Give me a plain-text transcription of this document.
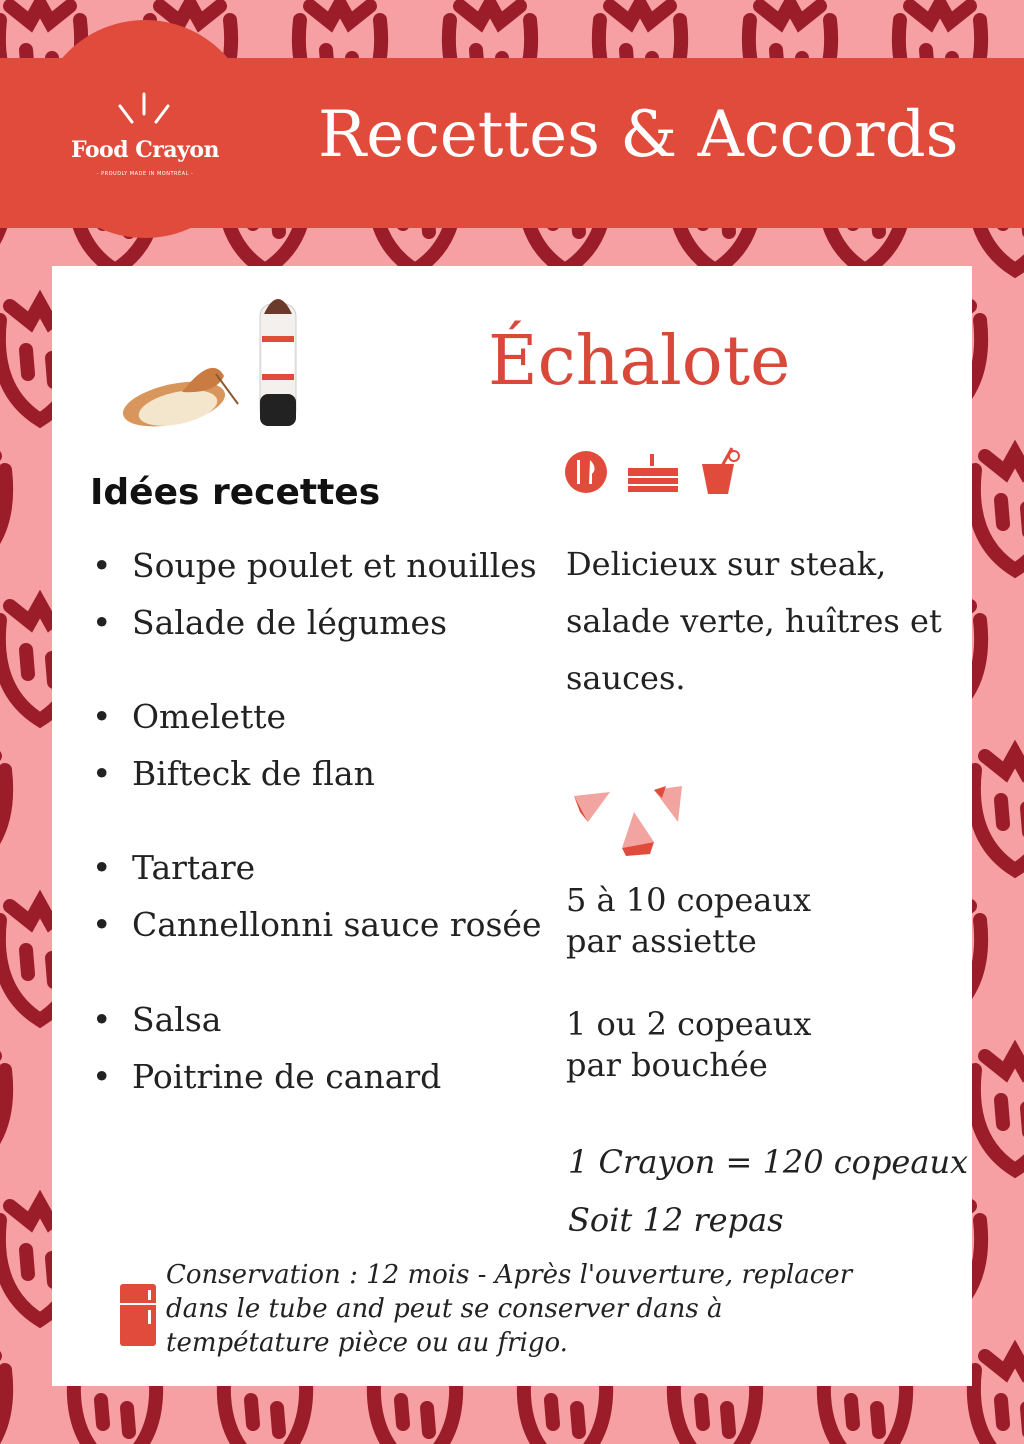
Food Crayon
- PROUDLY MADE IN MONTRÉAL -
Recettes & Accords
Échalote
Idées recettes
• Soupe poulet et nouilles
• Salade de légumes
• Omelette
• Bifteck de flan
• Tartare
• Cannellonni sauce rosée
• Salsa
• Poitrine de canard
Delicieux sur steak, salade verte, huîtres et sauces.
5 à 10 copeaux
par assiette
1 ou 2 copeaux
par bouchée
1 Crayon = 120 copeaux
Soit 12 repas
Conservation : 12 mois - Après l'ouverture, replacer
dans le tube and peut se conserver dans à
tempétature pièce ou au frigo.
